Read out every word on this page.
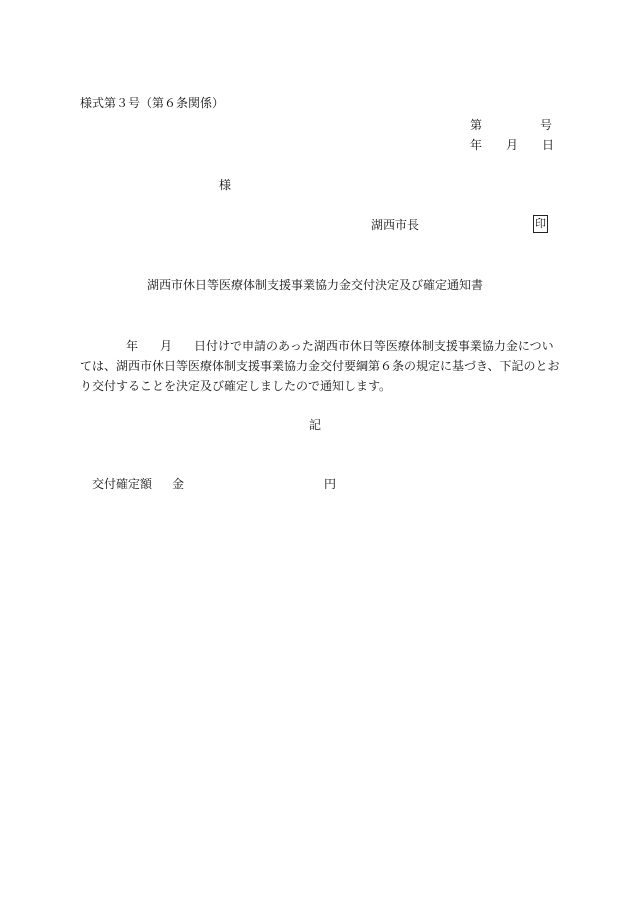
様式第３号（第６条関係）
第	号
年 月 日
様
湖西市長	印
湖西市休日等医療体制支援事業協力金交付決定及び確定通知書
年 月 日付けで申請のあった湖西市休日等医療体制支援事業協力金につい
ては、湖西市休日等医療体制支援事業協力金交付要綱第６条の規定に基づき、下記のとお
り交付することを決定及び確定しましたので通知します。
記
交付確定額 金	円
